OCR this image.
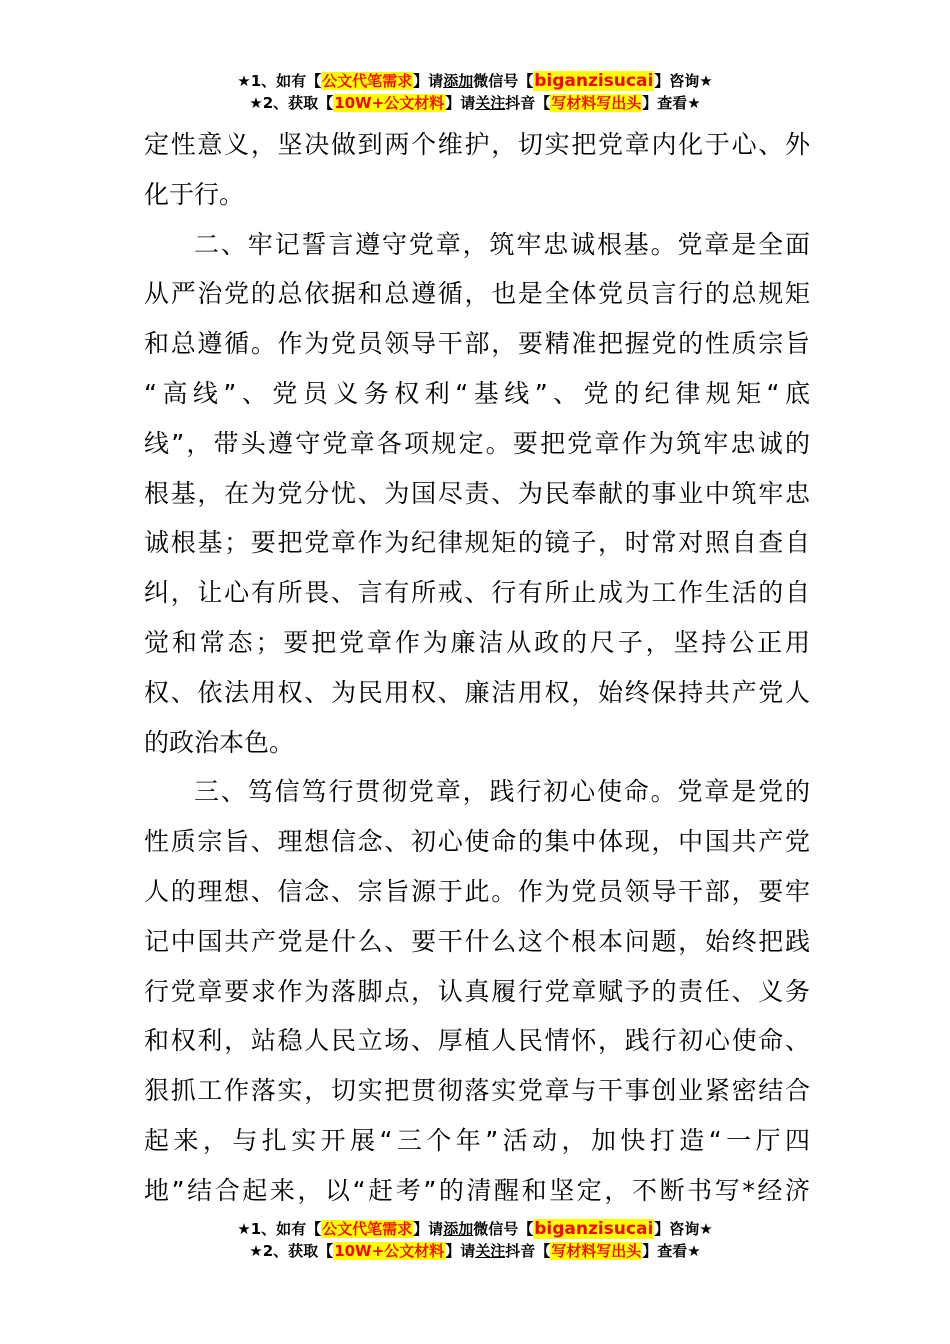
★1、如有【公文代笔需求】请添加微信号【biganzisucai】咨询★
★2、获取【10W+公文材料】请关注抖音【写材料写出头】查看★
定性意义，坚决做到两个维护，切实把党章内化于心、外
化于行。
二、牢记誓言遵守党章，筑牢忠诚根基。党章是全面
从严治党的总依据和总遵循，也是全体党员言行的总规矩
和总遵循。作为党员领导干部，要精准把握党的性质宗旨
“高线”、党员义务权利“基线”、党的纪律规矩“底
线”，带头遵守党章各项规定。要把党章作为筑牢忠诚的
根基，在为党分忧、为国尽责、为民奉献的事业中筑牢忠
诚根基；要把党章作为纪律规矩的镜子，时常对照自查自
纠，让心有所畏、言有所戒、行有所止成为工作生活的自
觉和常态；要把党章作为廉洁从政的尺子，坚持公正用
权、依法用权、为民用权、廉洁用权，始终保持共产党人
的政治本色。
三、笃信笃行贯彻党章，践行初心使命。党章是党的
性质宗旨、理想信念、初心使命的集中体现，中国共产党
人的理想、信念、宗旨源于此。作为党员领导干部，要牢
记中国共产党是什么、要干什么这个根本问题，始终把践
行党章要求作为落脚点，认真履行党章赋予的责任、义务
和权利，站稳人民立场、厚植人民情怀，践行初心使命、
狠抓工作落实，切实把贯彻落实党章与干事创业紧密结合
起来，与扎实开展“三个年”活动，加快打造“一厅四
地”结合起来，以“赶考”的清醒和坚定，不断书写*经济
★1、如有【公文代笔需求】请添加微信号【biganzisucai】咨询★
★2、获取【10W+公文材料】请关注抖音【写材料写出头】查看★
